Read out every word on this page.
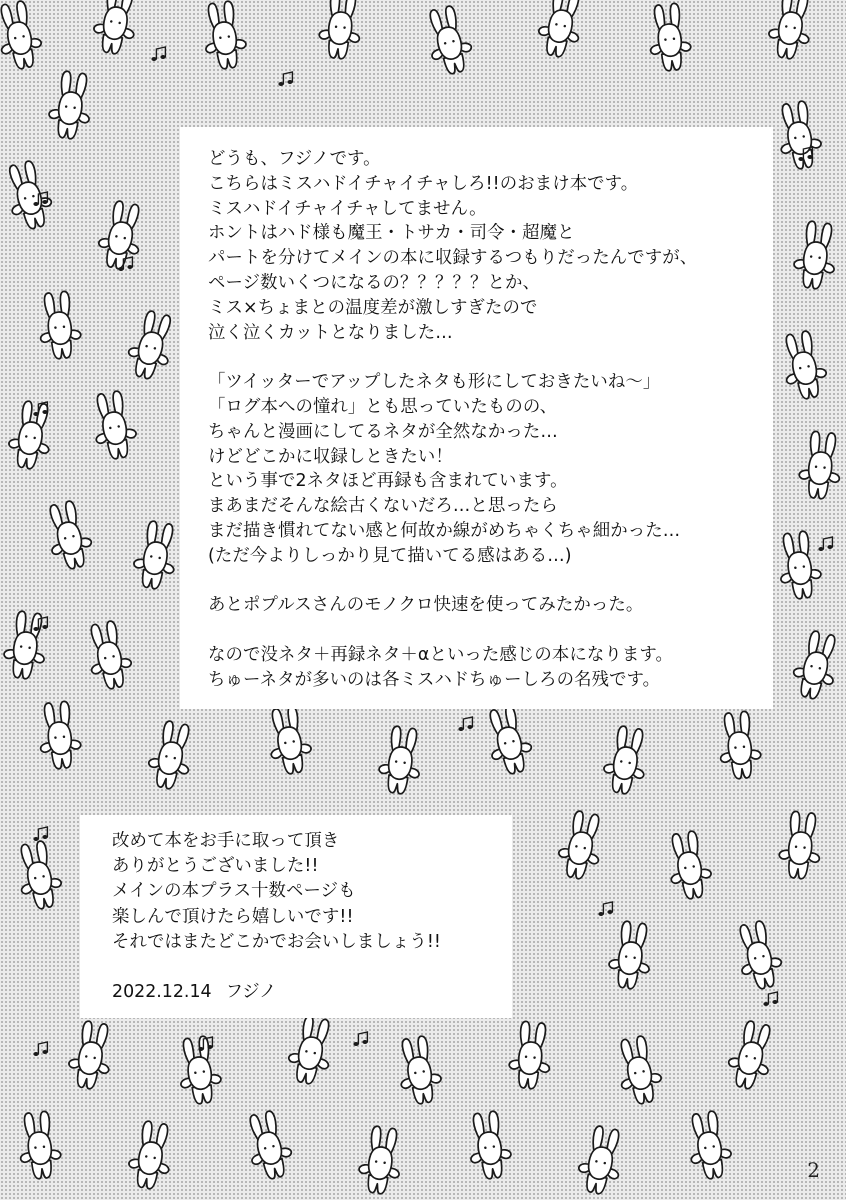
どうも、フジノです。
こちらはミスハドイチャイチャしろ!!のおまけ本です。
ミスハドイチャイチャしてません。
ホントはハド様も魔王・トサカ・司令・超魔と
パートを分けてメインの本に収録するつもりだったんですが、
ページ数いくつになるの？？？？？とか、
ミス×ちょまとの温度差が激しすぎたので
泣く泣くカットとなりました…
「ツイッターでアップしたネタも形にしておきたいね～」
「ログ本への憧れ」とも思っていたものの、
ちゃんと漫画にしてるネタが全然なかった…
けどどこかに収録しときたい！
という事で2ネタほど再録も含まれています。
まあまだそんな絵古くないだろ…と思ったら
まだ描き慣れてない感と何故か線がめちゃくちゃ細かった…
(ただ今よりしっかり見て描いてる感はある…)
あとポプルスさんのモノクロ快速を使ってみたかった。
なので没ネタ＋再録ネタ＋αといった感じの本になります。
ちゅーネタが多いのは各ミスハドちゅーしろの名残です。
改めて本をお手に取って頂き
ありがとうございました!!
メインの本プラス十数ページも
楽しんで頂けたら嬉しいです!!
それではまたどこかでお会いしましょう!!
2022.12.14 フジノ
2
